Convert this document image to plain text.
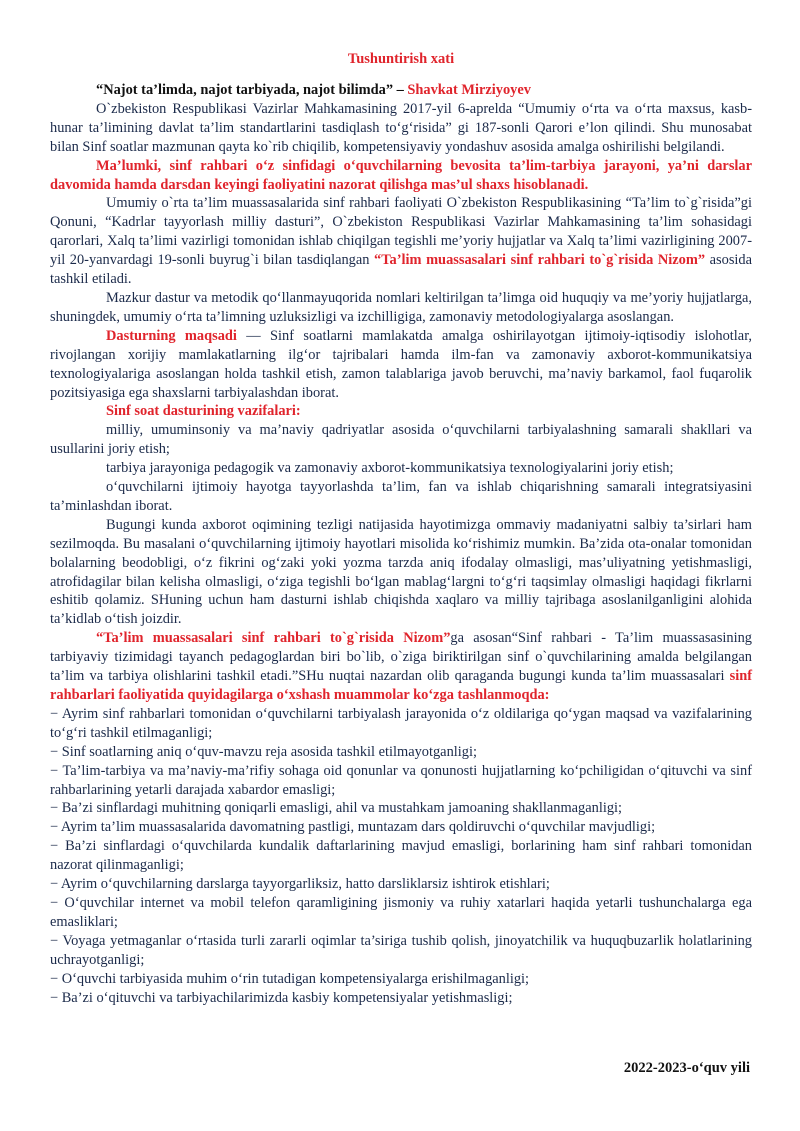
Tushuntirish xati

“Najot ta’limda, najot tarbiyada, najot bilimda” – Shavkat Mirziyoyev

O`zbekiston Respublikasi Vazirlar Mahkamasining 2017-yil 6-aprelda “Umumiy o‘rta va o‘rta maxsus, kasb-hunar ta’limining davlat ta’lim standartlarini tasdiqlash to‘g‘risida” gi 187-sonli Qarori e’lon qilindi. Shu munosabat bilan Sinf soatlar mazmunan qayta ko`rib chiqilib, kompetensiyaviy yondashuv asosida amalga oshirilishi belgilandi.

Ma’lumki, sinf rahbari o‘z sinfidagi o‘quvchilarning bevosita ta’lim-tarbiya jarayoni, ya’ni darslar davomida hamda darsdan keyingi faoliyatini nazorat qilishga mas’ul shaxs hisoblanadi.

Umumiy o`rta ta’lim muassasalarida sinf rahbari faoliyati O`zbekiston Respublikasining “Ta’lim to`g`risida”gi Qonuni, “Kadrlar tayyorlash milliy dasturi”, O`zbekiston Respublikasi Vazirlar Mahkamasining ta’lim sohasidagi qarorlari, Xalq ta’limi vazirligi tomonidan ishlab chiqilgan tegishli me’yoriy hujjatlar va Xalq ta’limi vazirligining 2007-yil 20-yanvardagi 19-sonli buyrug`i bilan tasdiqlangan “Ta’lim muassasalari sinf rahbari to`g`risida Nizom” asosida tashkil etiladi.

Mazkur dastur va metodik qo‘llanmayuqorida nomlari keltirilgan ta’limga oid huquqiy va me’yoriy hujjatlarga, shuningdek, umumiy o‘rta ta’limning uzluksizligi va izchilligiga, zamonaviy metodologiyalarga asoslangan.

Dasturning maqsadi — Sinf soatlarni mamlakatda amalga oshirilayotgan ijtimoiy-iqtisodiy islohotlar, rivojlangan xorijiy mamlakatlarning ilg‘or tajribalari hamda ilm-fan va zamonaviy axborot-kommunikatsiya texnologiyalariga asoslangan holda tashkil etish, zamon talablariga javob beruvchi, ma’naviy barkamol, faol fuqarolik pozitsiyasiga ega shaxslarni tarbiyalashdan iborat.

Sinf soat dasturining vazifalari:

milliy, umuminsoniy va ma’naviy qadriyatlar asosida o‘quvchilarni tarbiyalashning samarali shakllari va usullarini joriy etish;

tarbiya jarayoniga pedagogik va zamonaviy axborot-kommunikatsiya texnologiyalarini joriy etish;

o‘quvchilarni ijtimoiy hayotga tayyorlashda ta’lim, fan va ishlab chiqarishning samarali integratsiyasini ta’minlashdan iborat.

Bugungi kunda axborot oqimining tezligi natijasida hayotimizga ommaviy madaniyatni salbiy ta’sirlari ham sezilmoqda. Bu masalani o‘quvchilarning ijtimoiy hayotlari misolida ko‘rishimiz mumkin. Ba’zida ota-onalar tomonidan bolalarning beodobligi, o‘z fikrini og‘zaki yoki yozma tarzda aniq ifodalay olmasligi, mas’uliyatning yetishmasligi, atrofidagilar bilan kelisha olmasligi, o‘ziga tegishli bo‘lgan mablag‘largni to‘g‘ri taqsimlay olmasligi haqidagi fikrlarni eshitib qolamiz. SHuning uchun ham dasturni ishlab chiqishda xaqlaro va milliy tajribaga asoslanilganligini alohida ta’kidlab o‘tish joizdir.

“Ta’lim muassasalari sinf rahbari to`g`risida Nizom”ga asosan“Sinf rahbari - Ta’lim muassasasining tarbiyaviy tizimidagi tayanch pedagoglardan biri bo`lib, o`ziga biriktirilgan sinf o`quvchilarining amalda belgilangan ta’lim va tarbiya olishlarini tashkil etadi.”SHu nuqtai nazardan olib qaraganda bugungi kunda ta’lim muassasalari sinf rahbarlari faoliyatida quyidagilarga o‘xshash muammolar ko‘zga tashlanmoqda:

− Ayrim sinf rahbarlari tomonidan o‘quvchilarni tarbiyalash jarayonida o‘z oldilariga qo‘ygan maqsad va vazifalarining to‘g‘ri tashkil etilmaganligi;

− Sinf soatlarning aniq o‘quv-mavzu reja asosida tashkil etilmayotganligi;

− Ta’lim-tarbiya va ma’naviy-ma’rifiy sohaga oid qonunlar va qonunosti hujjatlarning ko‘pchiligidan o‘qituvchi va sinf rahbarlarining yetarli darajada xabardor emasligi;

− Ba’zi sinflardagi muhitning qoniqarli emasligi, ahil va mustahkam jamoaning shakllanmaganligi;

− Ayrim ta’lim muassasalarida davomatning pastligi, muntazam dars qoldiruvchi o‘quvchilar mavjudligi;

− Ba’zi sinflardagi o‘quvchilarda kundalik daftarlarining mavjud emasligi, borlarining ham sinf rahbari tomonidan nazorat qilinmaganligi;

− Ayrim o‘quvchilarning darslarga tayyorgarliksiz, hatto darsliklarsiz ishtirok etishlari;

− O‘quvchilar internet va mobil telefon qaramligining jismoniy va ruhiy xatarlari haqida yetarli tushunchalarga ega emasliklari;

− Voyaga yetmaganlar o‘rtasida turli zararli oqimlar ta’siriga tushib qolish, jinoyatchilik va huquqbuzarlik holatlarining uchrayotganligi;

− O‘quvchi tarbiyasida muhim o‘rin tutadigan kompetensiyalarga erishilmaganligi;

− Ba’zi o‘qituvchi va tarbiyachilarimizda kasbiy kompetensiyalar yetishmasligi;

2022-2023-o‘quv yili
